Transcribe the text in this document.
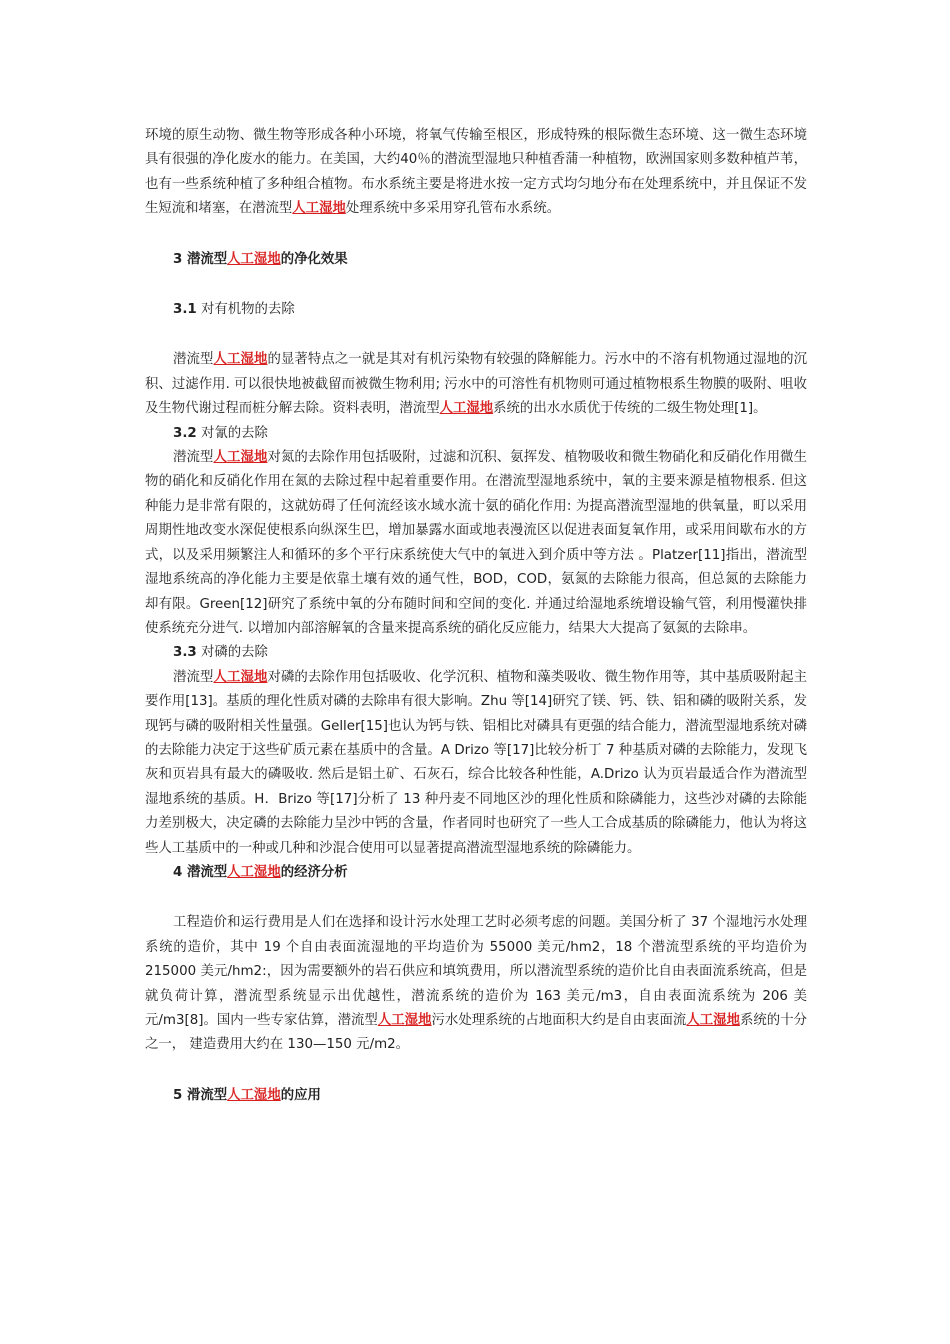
环境的原生动物、微生物等形成各种小环境，将氧气传输至根区，形成特殊的根际微生态环境、这一微生态环境具有很强的净化废水的能力。在美国，大约40％的潜流型湿地只种植香蒲一种植物，欧洲国家则多数种植芦苇，也有一些系统种植了多种组合植物。布水系统主要是将进水按一定方式均匀地分布在处理系统中，并且保证不发生短流和堵塞，在潜流型人工湿地处理系统中多采用穿孔管布水系统。

3 潜流型人工湿地的净化效果

3.1 对有机物的去除

潜流型人工湿地的显著特点之一就是其对有机污染物有较强的降解能力。污水中的不溶有机物通过湿地的沉积、过滤作用. 可以很快地被截留而被微生物利用; 污水中的可溶性有机物则可通过植物根系生物膜的吸附、咀收及生物代谢过程而桩分解去除。资料表明，潜流型人工湿地系统的出水水质优于传统的二级生物处理[1]。

3.2 对氰的去除

潜流型人工湿地对氮的去除作用包括吸附，过滤和沉积、氨挥发、植物吸收和微生物硝化和反硝化作用微生物的硝化和反硝化作用在氮的去除过程中起着重要作用。在潜流型湿地系统中，氧的主要来源是植物根系. 但这种能力是非常有限的，这就妨碍了任何流经该水域水流十氨的硝化作用: 为提高潜流型湿地的供氧量，町以采用周期性地改变水深促使根系向纵深生巴，增加暴露水面或地表漫流区以促进表面复氧作用，或采用间歇布水的方式，以及采用频繁注人和循环的多个平行床系统使大气中的氧进入到介质中等方法 。Platzer[11]指出，潜流型湿地系统高的净化能力主要是依靠土壤有效的通气性，BOD，COD，氨氮的去除能力很高，但总氮的去除能力却有限。Green[12]研究了系统中氧的分布随时间和空间的变化. 并通过给湿地系统增设输气管，利用慢灌快排使系统充分进气. 以增加内部溶解氧的含量来提高系统的硝化反应能力，结果大大提高了氨氮的去除串。

3.3 对磷的去除

潜流型人工湿地对磷的去除作用包括吸收、化学沉积、植物和藻类吸收、微生物作用等，其中基质吸附起主要作用[13]。基质的理化性质对磷的去除串有很大影响。Zhu 等[14]研究了镁、钙、铁、铝和磷的吸附关系，发现钙与磷的吸附相关性量强。Geller[15]也认为钙与铁、铝相比对磷具有更强的结合能力，潜流型湿地系统对磷的去除能力决定于这些矿质元素在基质中的含量。A Drizo 等[17]比较分析丁 7 种基质对磷的去除能力，发现飞灰和页岩具有最大的磷吸收. 然后是铝土矿、石灰石，综合比较各种性能，A.Drizo 认为页岩最适合作为潜流型湿地系统的基质。H．Brizo 等[17]分析了 13 种丹麦不同地区沙的理化性质和除磷能力，这些沙对磷的去除能力差别极大，决定磷的去除能力呈沙中钙的含量，作者同时也研究了一些人工合成基质的除磷能力，他认为将这些人工基质中的一种或几种和沙混合使用可以显著提高潜流型湿地系统的除磷能力。

4 潜流型人工湿地的经济分析

工程造价和运行费用是人们在选择和设计污水处理工艺时必须考虑的问题。美国分析了 37 个湿地污水处理系统的造价，其中 19 个自由表面流湿地的平均造价为 55000 美元/hm2，18 个潜流型系统的平均造价为 215000 美元/hm2:，因为需要额外的岩石供应和填筑费用，所以潜流型系统的造价比自由表面流系统高，但是就负荷计算，潜流型系统显示出优越性，潜流系统的造价为 163 美元/m3，自由表面流系统为 206 美元/m3[8]。国内一些专家估算，潜流型人工湿地污水处理系统的占地面积大约是自由衷面流人工湿地系统的十分之一， 建造费用大约在 130—150 元/m2。

5 滑流型人工湿地的应用
